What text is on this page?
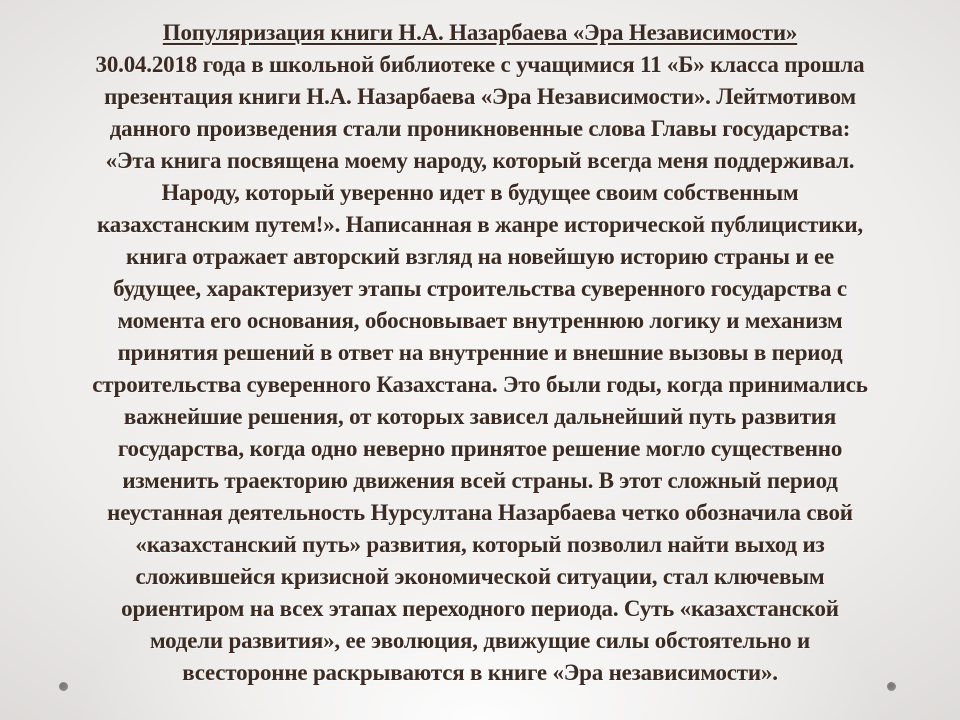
Популяризация книги Н.А. Назарбаева «Эра Независимости»
30.04.2018 года в школьной библиотеке с учащимися 11 «Б» класса прошла
презентация книги Н.А. Назарбаева «Эра Независимости». Лейтмотивом
данного произведения стали проникновенные слова Главы государства:
«Эта книга посвящена моему народу, который всегда меня поддерживал.
Народу, который уверенно идет в будущее своим собственным
казахстанским путем!». Написанная в жанре исторической публицистики,
книга отражает авторский взгляд на новейшую историю страны и ее
будущее, характеризует этапы строительства суверенного государства с
момента его основания, обосновывает внутреннюю логику и механизм
принятия решений в ответ на внутренние и внешние вызовы в период
строительства суверенного Казахстана. Это были годы, когда принимались
важнейшие решения, от которых зависел дальнейший путь развития
государства, когда одно неверно принятое решение могло существенно
изменить траекторию движения всей страны. В этот сложный период
неустанная деятельность Нурсултана Назарбаева четко обозначила свой
«казахстанский путь» развития, который позволил найти выход из
сложившейся кризисной экономической ситуации, стал ключевым
ориентиром на всех этапах переходного периода. Суть «казахстанской
модели развития», ее эволюция, движущие силы обстоятельно и
всесторонне раскрываются в книге «Эра независимости».
